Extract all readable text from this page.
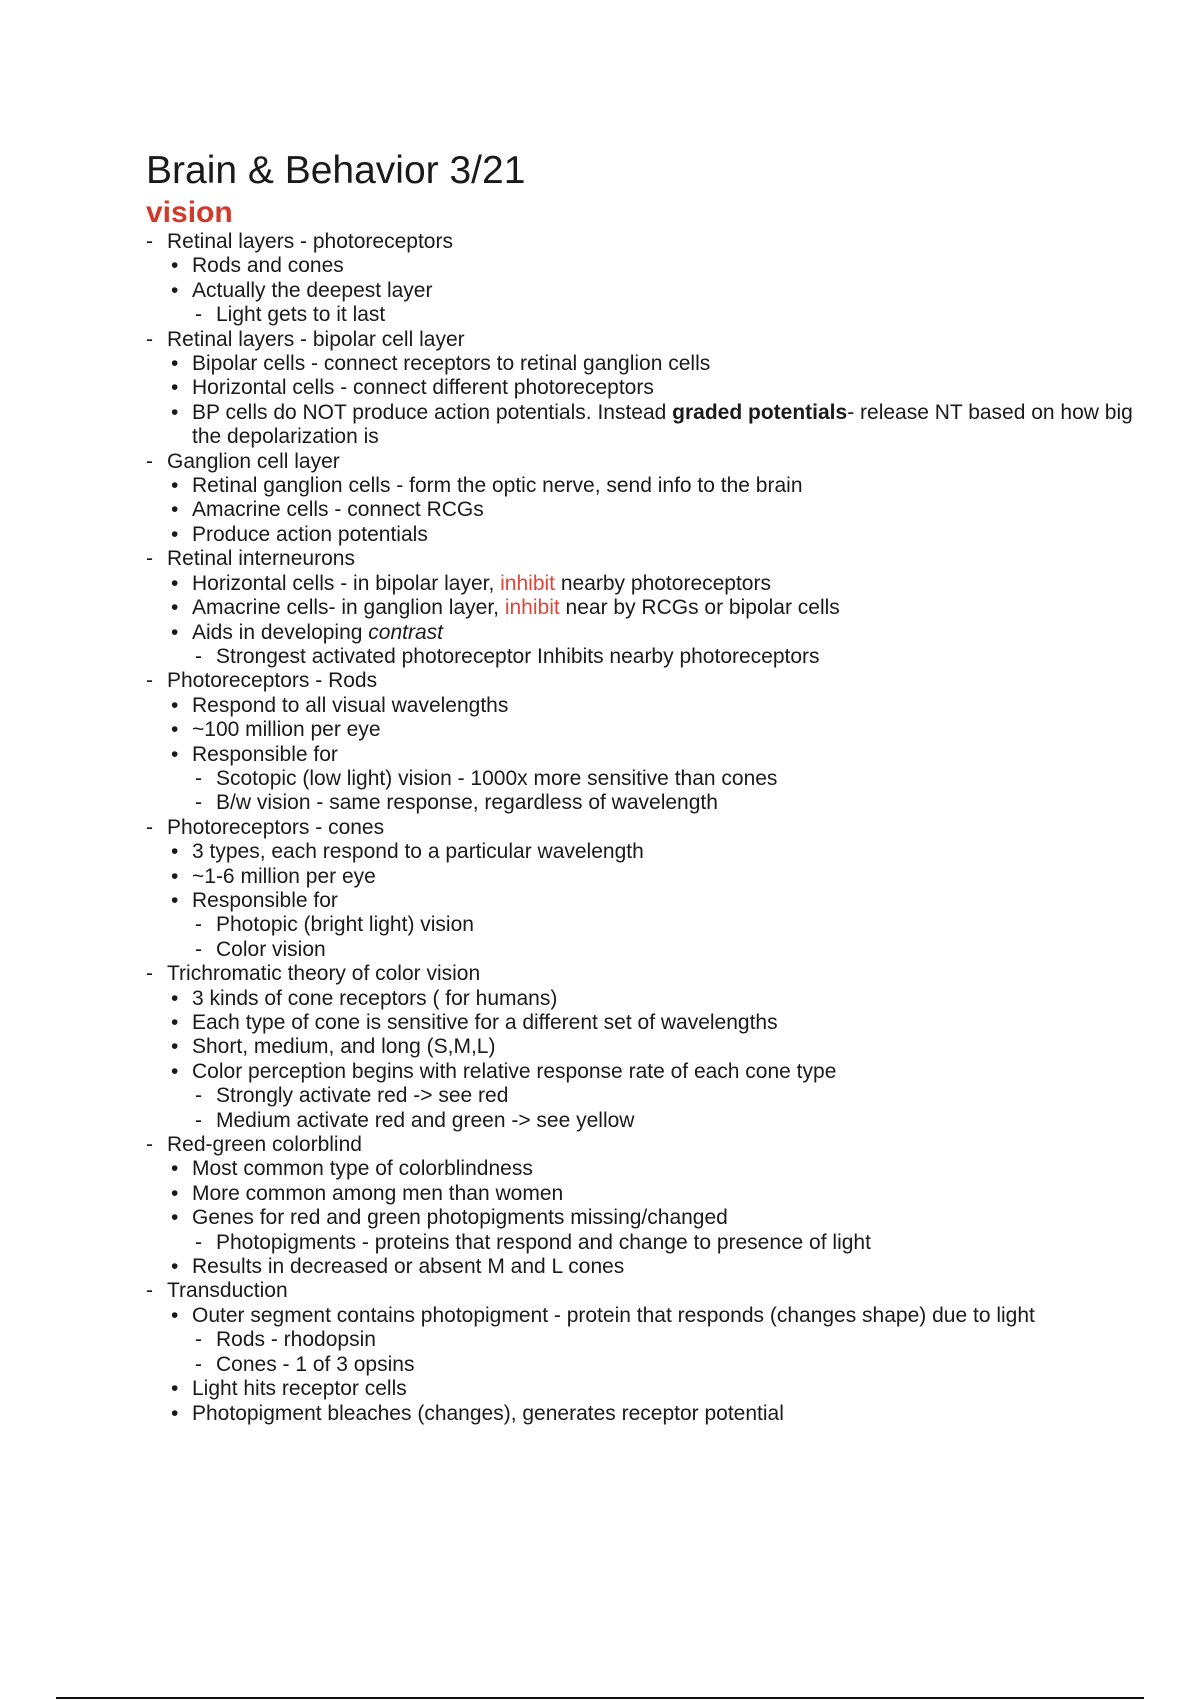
Brain & Behavior 3/21
vision
- Retinal layers - photoreceptors
• Rods and cones
• Actually the deepest layer
- Light gets to it last
- Retinal layers - bipolar cell layer
• Bipolar cells - connect receptors to retinal ganglion cells
• Horizontal cells - connect different photoreceptors
• BP cells do NOT produce action potentials. Instead graded potentials- release NT based on how big the depolarization is
- Ganglion cell layer
• Retinal ganglion cells - form the optic nerve, send info to the brain
• Amacrine cells - connect RCGs
• Produce action potentials
- Retinal interneurons
• Horizontal cells - in bipolar layer, inhibit nearby photoreceptors
• Amacrine cells- in ganglion layer, inhibit near by RCGs or bipolar cells
• Aids in developing contrast
- Strongest activated photoreceptor Inhibits nearby photoreceptors
- Photoreceptors - Rods
• Respond to all visual wavelengths
• ~100 million per eye
• Responsible for
- Scotopic (low light) vision - 1000x more sensitive than cones
- B/w vision - same response, regardless of wavelength
- Photoreceptors - cones
• 3 types, each respond to a particular wavelength
• ~1-6 million per eye
• Responsible for
- Photopic (bright light) vision
- Color vision
- Trichromatic theory of color vision
• 3 kinds of cone receptors ( for humans)
• Each type of cone is sensitive for a different set of wavelengths
• Short, medium, and long (S,M,L)
• Color perception begins with relative response rate of each cone type
- Strongly activate red -> see red
- Medium activate red and green -> see yellow
- Red-green colorblind
• Most common type of colorblindness
• More common among men than women
• Genes for red and green photopigments missing/changed
- Photopigments - proteins that respond and change to presence of light
• Results in decreased or absent M and L cones
- Transduction
• Outer segment contains photopigment - protein that responds (changes shape) due to light
- Rods - rhodopsin
- Cones - 1 of 3 opsins
• Light hits receptor cells
• Photopigment bleaches (changes), generates receptor potential
